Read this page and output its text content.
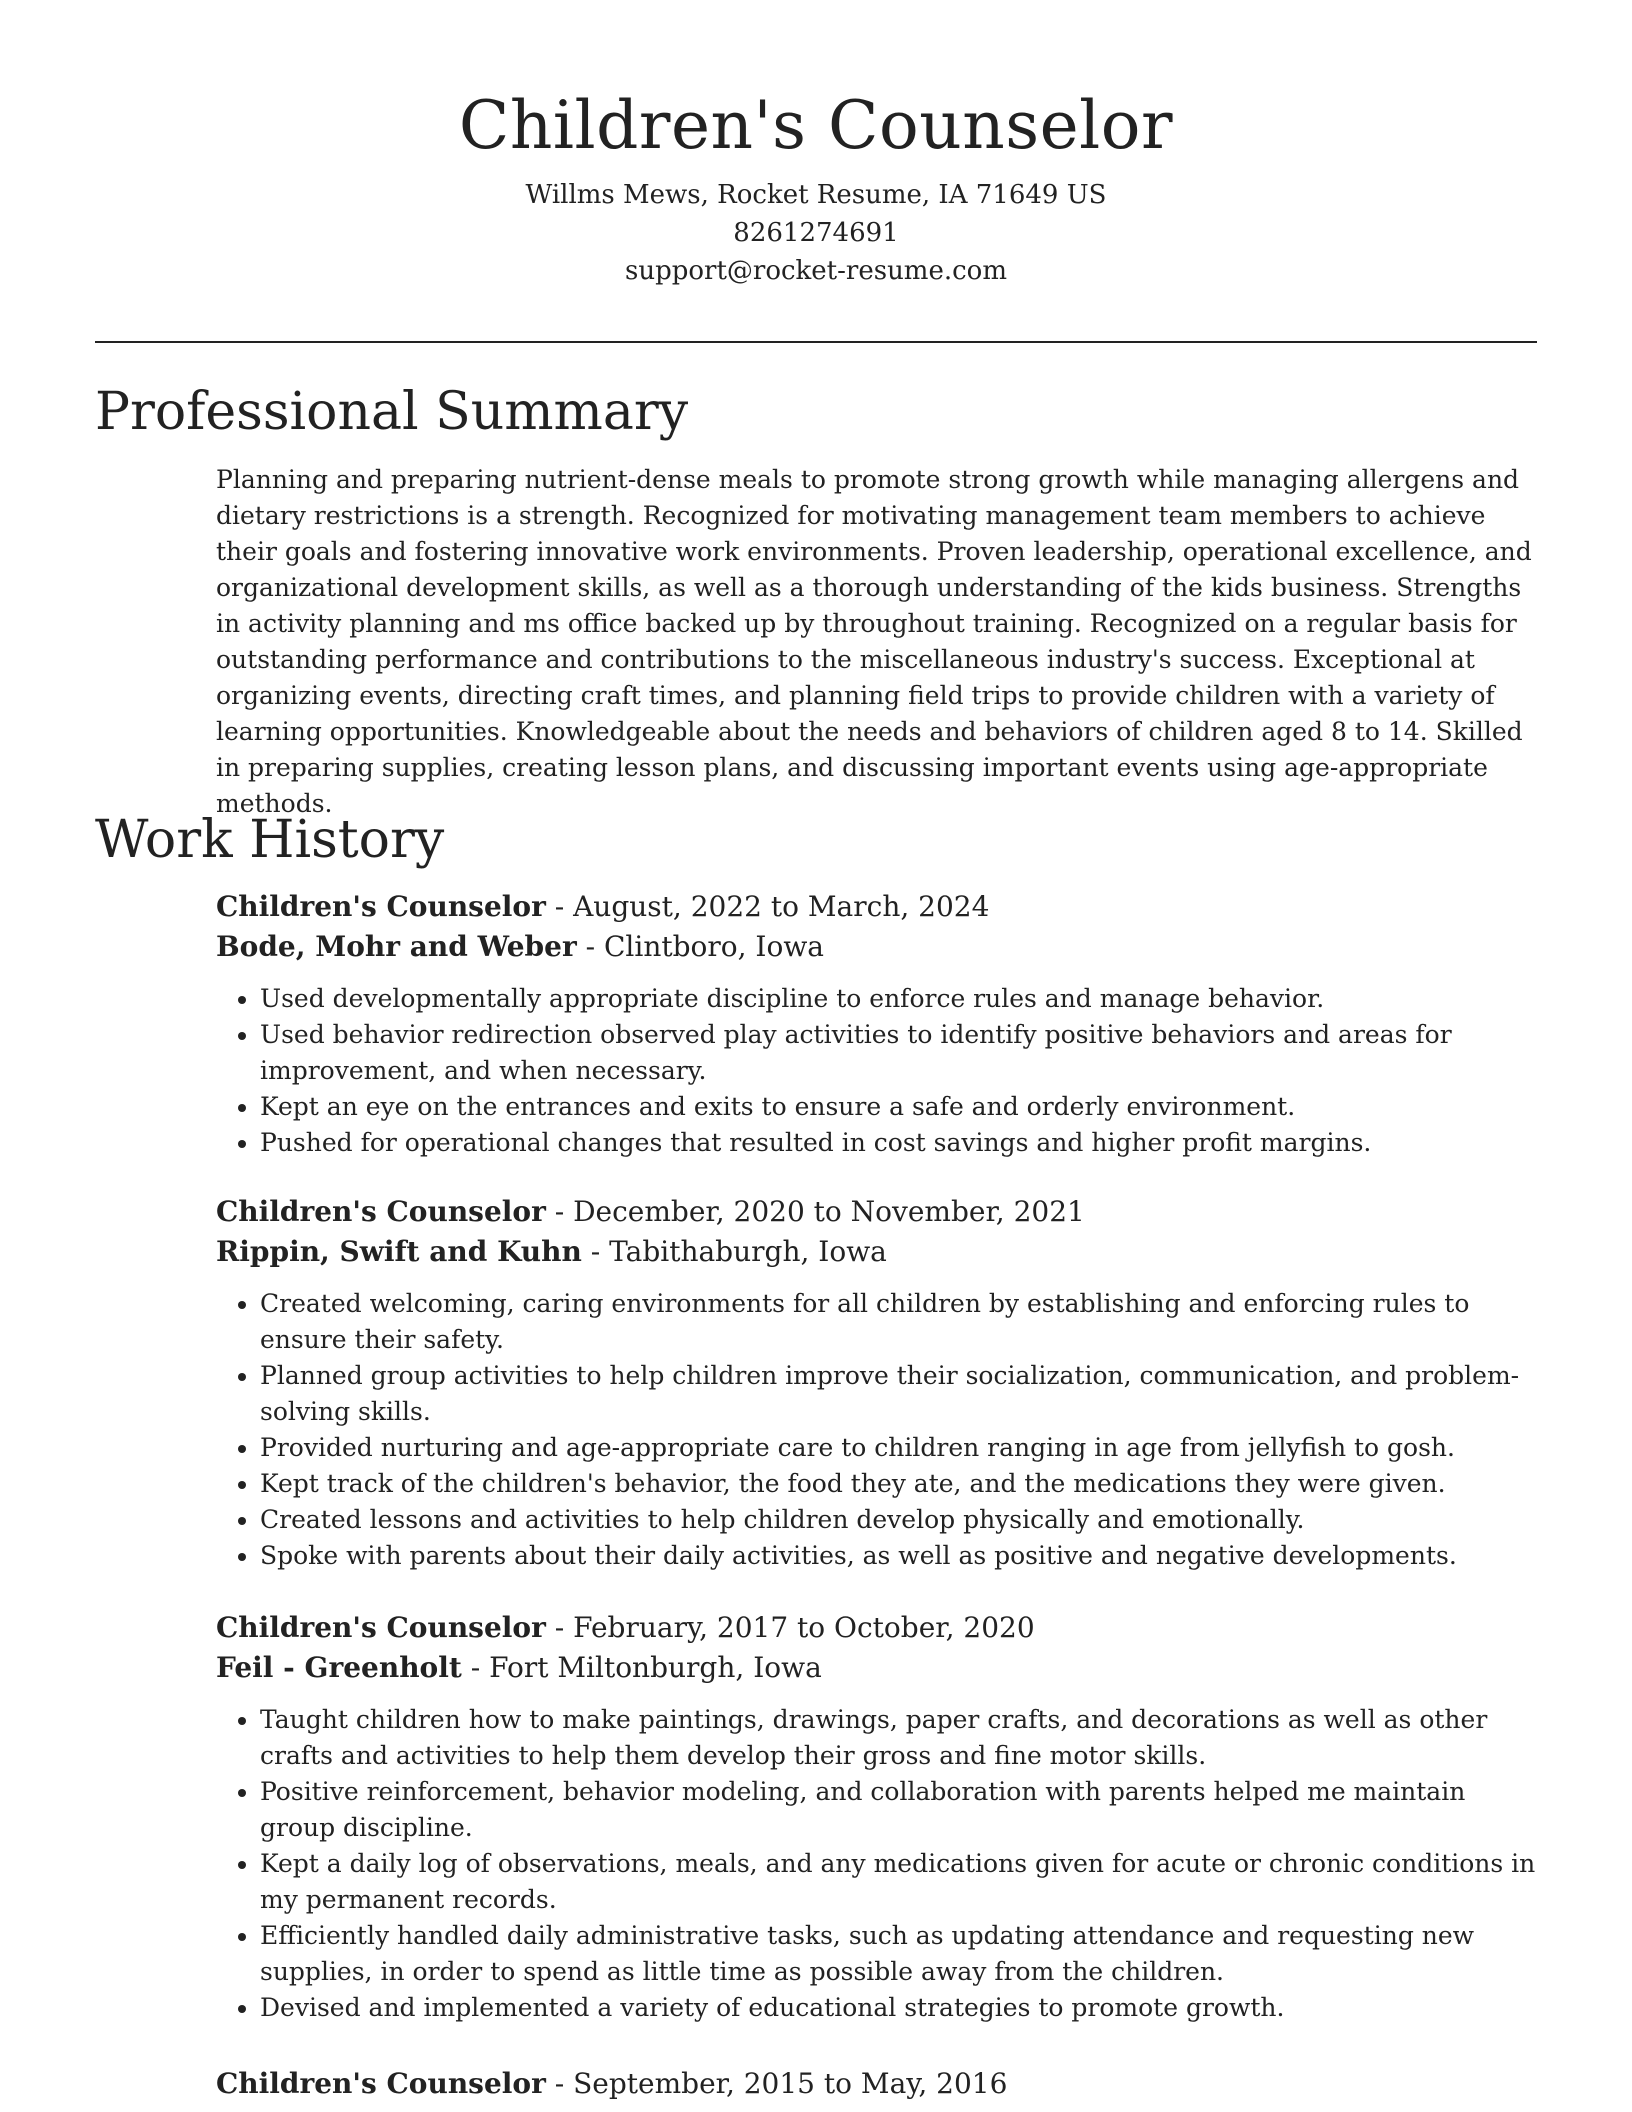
Children's Counselor

Willms Mews, Rocket Resume, IA 71649 US

8261274691

support@rocket-resume.com

Professional Summary

Planning and preparing nutrient-dense meals to promote strong growth while managing allergens and dietary restrictions is a strength. Recognized for motivating management team members to achieve their goals and fostering innovative work environments. Proven leadership, operational excellence, and organizational development skills, as well as a thorough understanding of the kids business. Strengths in activity planning and ms office backed up by throughout training. Recognized on a regular basis for outstanding performance and contributions to the miscellaneous industry's success. Exceptional at organizing events, directing craft times, and planning field trips to provide children with a variety of learning opportunities. Knowledgeable about the needs and behaviors of children aged 8 to 14. Skilled in preparing supplies, creating lesson plans, and discussing important events using age-appropriate methods.

Work History

Children's Counselor - August, 2022 to March, 2024

Bode, Mohr and Weber - Clintboro, Iowa

• Used developmentally appropriate discipline to enforce rules and manage behavior.
• Used behavior redirection observed play activities to identify positive behaviors and areas for improvement, and when necessary.
• Kept an eye on the entrances and exits to ensure a safe and orderly environment.
• Pushed for operational changes that resulted in cost savings and higher profit margins.

Children's Counselor - December, 2020 to November, 2021

Rippin, Swift and Kuhn - Tabithaburgh, Iowa

• Created welcoming, caring environments for all children by establishing and enforcing rules to ensure their safety.
• Planned group activities to help children improve their socialization, communication, and problem-solving skills.
• Provided nurturing and age-appropriate care to children ranging in age from jellyfish to gosh.
• Kept track of the children's behavior, the food they ate, and the medications they were given.
• Created lessons and activities to help children develop physically and emotionally.
• Spoke with parents about their daily activities, as well as positive and negative developments.

Children's Counselor - February, 2017 to October, 2020

Feil - Greenholt - Fort Miltonburgh, Iowa

• Taught children how to make paintings, drawings, paper crafts, and decorations as well as other crafts and activities to help them develop their gross and fine motor skills.
• Positive reinforcement, behavior modeling, and collaboration with parents helped me maintain group discipline.
• Kept a daily log of observations, meals, and any medications given for acute or chronic conditions in my permanent records.
• Efficiently handled daily administrative tasks, such as updating attendance and requesting new supplies, in order to spend as little time as possible away from the children.
• Devised and implemented a variety of educational strategies to promote growth.

Children's Counselor - September, 2015 to May, 2016
